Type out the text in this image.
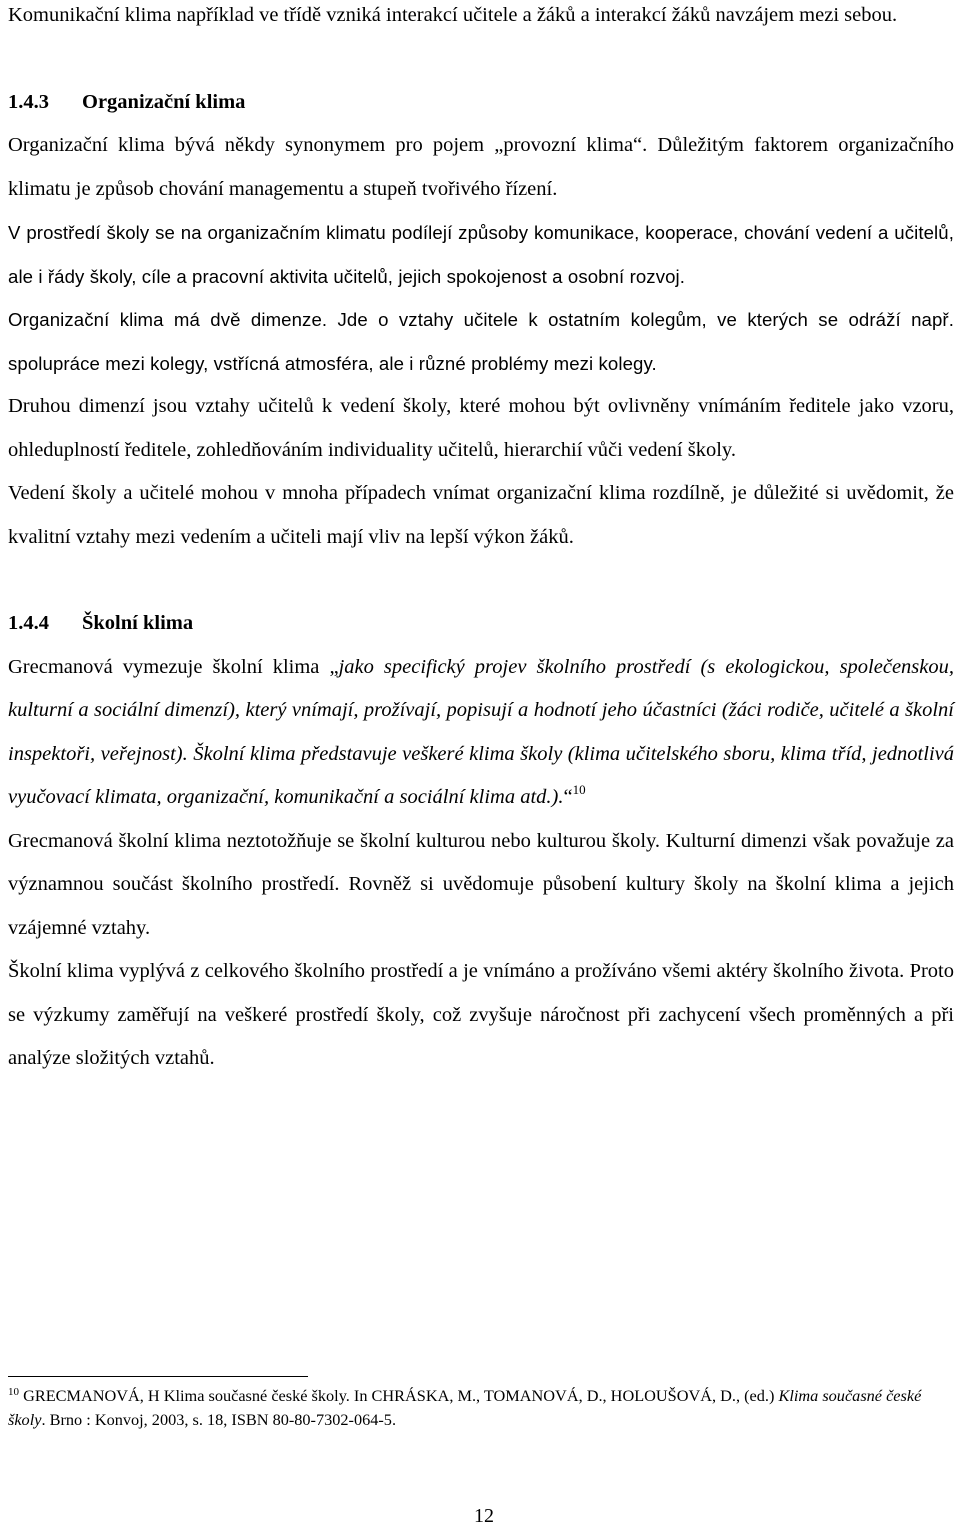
Komunikační klima například ve třídě vzniká interakcí učitele a žáků a interakcí žáků navzájem mezi sebou.

1.4.3 Organizační klima

Organizační klima bývá někdy synonymem pro pojem „provozní klima“. Důležitým faktorem organizačního klimatu je způsob chování managementu a stupeň tvořivého řízení.

V prostředí školy se na organizačním klimatu podílejí způsoby komunikace, kooperace, chování vedení a učitelů, ale i řády školy, cíle a pracovní aktivita učitelů, jejich spokojenost a osobní rozvoj.

Organizační klima má dvě dimenze. Jde o vztahy učitele k ostatním kolegům, ve kterých se odráží např. spolupráce mezi kolegy, vstřícná atmosféra, ale i různé problémy mezi kolegy.

Druhou dimenzí jsou vztahy učitelů k vedení školy, které mohou být ovlivněny vnímáním ředitele jako vzoru, ohleduplností ředitele, zohledňováním individuality učitelů, hierarchií vůči vedení školy.

Vedení školy a učitelé mohou v mnoha případech vnímat organizační klima rozdílně, je důležité si uvědomit, že kvalitní vztahy mezi vedením a učiteli mají vliv na lepší výkon žáků.

1.4.4 Školní klima

Grecmanová vymezuje školní klima „jako specifický projev školního prostředí (s ekologickou, společenskou, kulturní a sociální dimenzí), který vnímají, prožívají, popisují a hodnotí jeho účastníci (žáci rodiče, učitelé a školní inspektoři, veřejnost). Školní klima představuje veškeré klima školy (klima učitelského sboru, klima tříd, jednotlivá vyučovací klimata, organizační, komunikační a sociální klima atd.).“$^{10}$

Grecmanová školní klima neztotožňuje se školní kulturou nebo kulturou školy. Kulturní dimenzi však považuje za významnou součást školního prostředí. Rovněž si uvědomuje působení kultury školy na školní klima a jejich vzájemné vztahy.

Školní klima vyplývá z celkového školního prostředí a je vnímáno a prožíváno všemi aktéry školního života. Proto se výzkumy zaměřují na veškeré prostředí školy, což zvyšuje náročnost při zachycení všech proměnných a při analýze složitých vztahů.

$^{10}$ GRECMANOVÁ, H Klima současné české školy. In CHRÁSKA, M., TOMANOVÁ, D., HOLOUŠOVÁ, D., (ed.) Klima současné české školy. Brno : Konvoj, 2003, s. 18, ISBN 80-80-7302-064-5.
12
